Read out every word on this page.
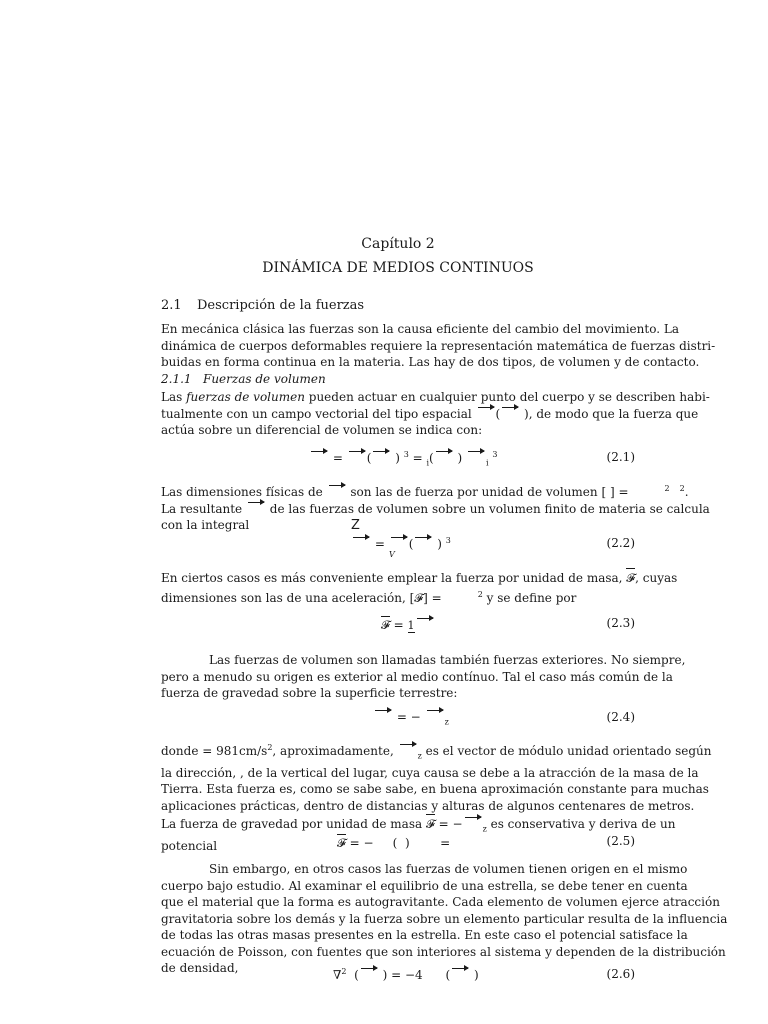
Capítulo 2
DINÁMICA DE MEDIOS CONTINUOS
2.1 Descripción de la fuerzas
En mecánica clásica las fuerzas son la causa eficiente del cambio del movimiento. La
dinámica de cuerpos deformables requiere la representación matemática de fuerzas distri-
buidas en forma continua en la materia. Las hay de dos tipos, de volumen y de contacto.
2.1.1 Fuerzas de volumen
Las fuerzas de volumen pueden actuar en cualquier punto del cuerpo y se describen habi-
tualmente con un campo vectorial del tipo espacial ( ), de modo que la fuerza que
actúa sobre un diferencial de volumen se indica con:
= ( ) $^3$ = $_i$( )	$_i$ $^3$	(2.1)
Las dimensiones físicas de  son las de fuerza por unidad de volumen [ ] =	$^2$ $^2$.
La resultante  de las fuerzas de volumen sobre un volumen finito de materia se calcula
con la integral	Z
= ( ) $^3$
V
(2.2)
En ciertos casos es más conveniente emplear la fuerza por unidad de masa, 𝓕, cuyas
dimensiones son las de una aceleración, [𝓕] =	$^2$ y se define por
𝓕 = 1	(2.3)
Las fuerzas de volumen son llamadas también fuerzas exteriores. No siempre,
pero a menudo su origen es exterior al medio contínuo. Tal el caso más común de la
fuerza de gravedad sobre la superficie terrestre:
= −	$_z$	(2.4)
donde = $981cm/s^2$, aproximadamente,	$_z$ es el vector de módulo unidad orientado según
la dirección, , de la vertical del lugar, cuya causa se debe a la atracción de la masa de la
Tierra. Esta fuerza es, como se sabe sabe, en buena aproximación constante para muchas
aplicaciones prácticas, dentro de distancias y alturas de algunos centenares de metros.
La fuerza de gravedad por unidad de masa 𝓕 = −	$_z$ es conservativa y deriva de un
potencial	𝓕 = −     (  )        =	(2.5)
Sin embargo, en otros casos las fuerzas de volumen tienen origen en el mismo
cuerpo bajo estudio. Al examinar el equilibrio de una estrella, se debe tener en cuenta
que el material que la forma es autogravitante. Cada elemento de volumen ejerce atracción
gravitatoria sobre los demás y la fuerza sobre un elemento particular resulta de la influencia
de todas las otras masas presentes en la estrella. En este caso el potencial satisface la
ecuación de Poisson, con fuentes que son interiores al sistema y dependen de la distribución
de densidad,	∇$^2$  ( ) = −4      ( )	(2.6)
